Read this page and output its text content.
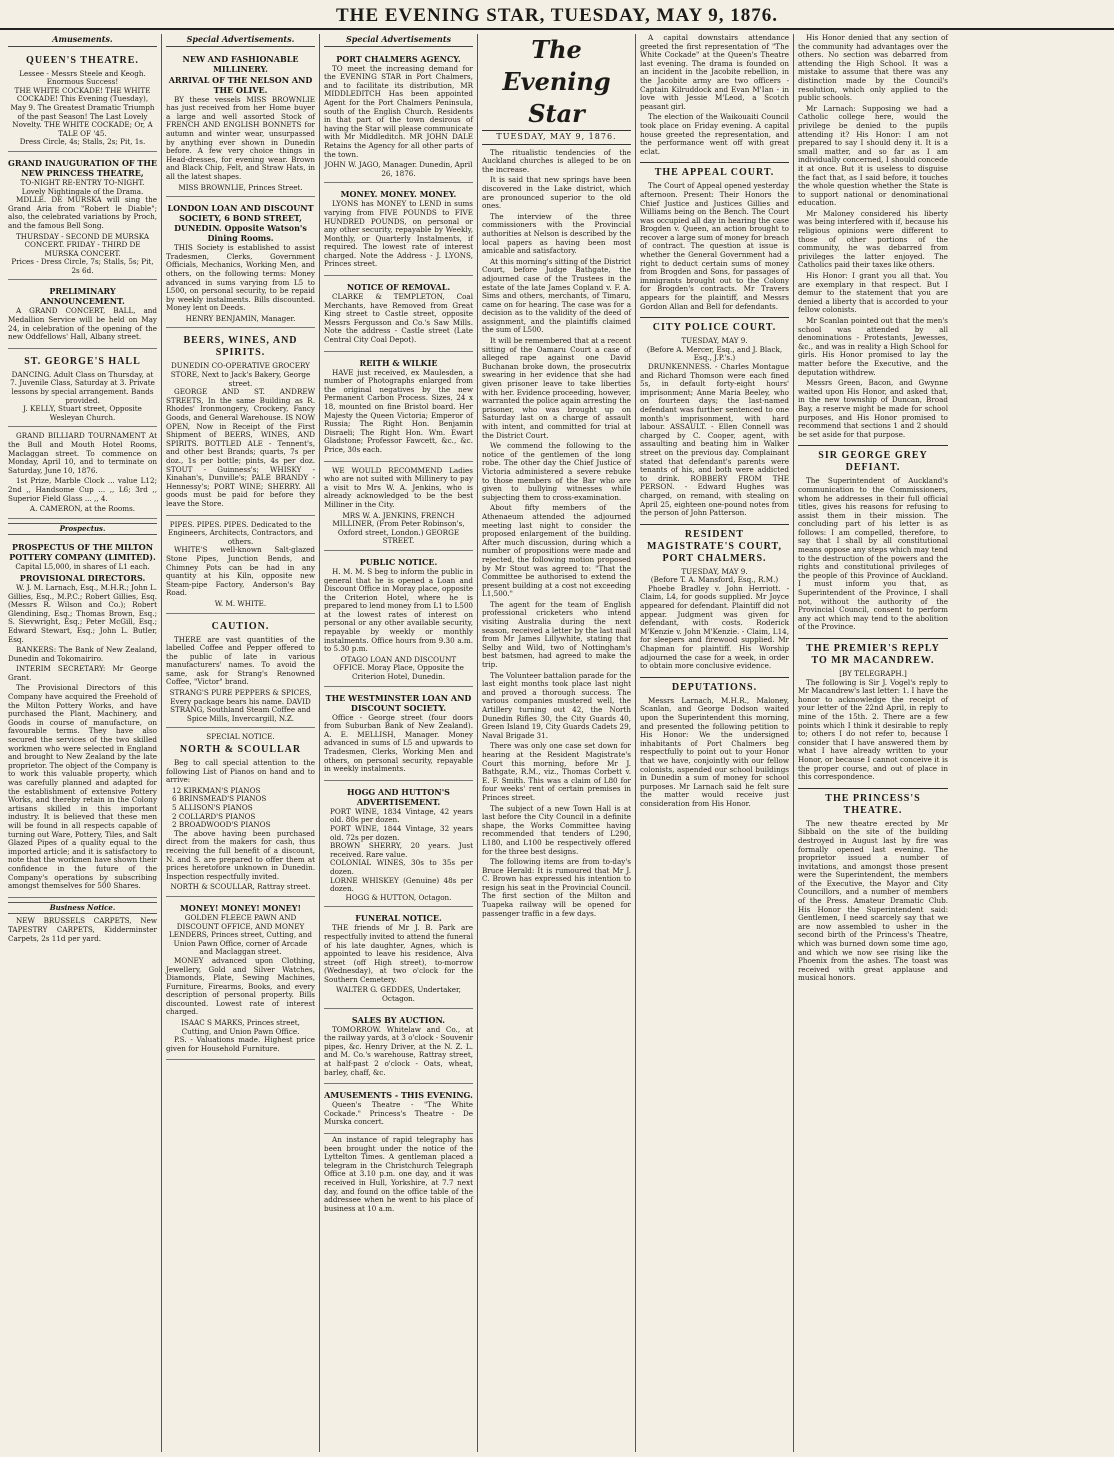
THE EVENING STAR, TUESDAY, MAY 9, 1876.
Amusements.
QUEEN'S THEATRE.
Lessee - Messrs Steele and Keogh. Enormous Success!
THE WHITE COCKADE! THE WHITE COCKADE! This Evening (Tuesday), May 9. The Greatest Dramatic Triumph of the past Season! The Last Lovely Novelty. THE WHITE COCKADE; Or, A TALE OF '45.
Dress Circle, 4s; Stalls, 2s; Pit, 1s.
GRAND INAUGURATION OF THE NEW PRINCESS THEATRE,
TO-NIGHT RE-ENTRY TO-NIGHT. Lovely Nightingale of the Drama.
MDLLE. DE MURSKA will sing the Grand Aria from "Robert le Diable"; also, the celebrated variations by Proch, and the famous Bell Song.
THURSDAY - SECOND DE MURSKA CONCERT. FRIDAY - THIRD DE MURSKA CONCERT.
Prices - Dress Circle, 7s; Stalls, 5s; Pit, 2s 6d.
PRELIMINARY ANNOUNCEMENT.
A GRAND CONCERT, BALL, and Medallion Service will be held on May 24, in celebration of the opening of the new Oddfellows' Hall, Albany street.
ST. GEORGE'S HALL
DANCING. Adult Class on Thursday, at 7. Juvenile Class, Saturday at 3. Private lessons by special arrangement. Bands provided.
J. KELLY, Stuart street, Opposite Wesleyan Church.
GRAND BILLIARD TOURNAMENT At the Bull and Mouth Hotel Rooms, Maclaggan street. To commence on Monday, April 10, and to terminate on Saturday, June 10, 1876.
1st Prize, Marble Clock ... value L12; 2nd ,, Handsome Cup ... ,, L6; 3rd ,, Superior Field Glass ... ,, 4.
A. CAMERON, at the Rooms.
Prospectus.
PROSPECTUS OF THE MILTON POTTERY COMPANY (LIMITED).
Capital L5,000, in shares of L1 each.
PROVISIONAL DIRECTORS.
W. J. M. Larnach, Esq., M.H.R.; John L. Gillies, Esq., M.P.C.; Robert Gillies, Esq. (Messrs R. Wilson and Co.); Robert Glendining, Esq.; Thomas Brown, Esq.; S. Sievwright, Esq.; Peter McGill, Esq.; Edward Stewart, Esq.; John L. Butler, Esq.
BANKERS: The Bank of New Zealand, Dunedin and Tokomairiro.
INTERIM SECRETARY: Mr George Grant.
The Provisional Directors of this Company have acquired the Freehold of the Milton Pottery Works, and have purchased the Plant, Machinery, and Goods in course of manufacture, on favourable terms. They have also secured the services of the two skilled workmen who were selected in England and brought to New Zealand by the late proprietor. The object of the Company is to work this valuable property, which was carefully planned and adapted for the establishment of extensive Pottery Works, and thereby retain in the Colony artisans skilled in this important industry. It is believed that these men will be found in all respects capable of turning out Ware, Pottery, Tiles, and Salt Glazed Pipes of a quality equal to the imported article; and it is satisfactory to note that the workmen have shown their confidence in the future of the Company's operations by subscribing amongst themselves for 500 Shares.
Business Notice.
NEW BRUSSELS CARPETS, New TAPESTRY CARPETS, Kidderminster Carpets, 2s 11d per yard.
Special Advertisements.
NEW AND FASHIONABLE MILLINERY.
ARRIVAL OF THE NELSON AND THE OLIVE.
BY these vessels MISS BROWNLIE has just received from her Home buyer a large and well assorted Stock of FRENCH AND ENGLISH BONNETS for autumn and winter wear, unsurpassed by anything ever shown in Dunedin before. A few very choice things in Head-dresses, for evening wear. Brown and Black Chip, Felt, and Straw Hats, in all the latest shapes.
MISS BROWNLIE, Princes Street.
LONDON LOAN AND DISCOUNT SOCIETY, 6 BOND STREET, DUNEDIN. Opposite Watson's Dining Rooms.
THIS Society is established to assist Tradesmen, Clerks, Government Officials, Mechanics, Working Men, and others, on the following terms: Money advanced in sums varying from L5 to L500, on personal security, to be repaid by weekly instalments. Bills discounted. Money lent on Deeds.
HENRY BENJAMIN, Manager.
BEERS, WINES, AND SPIRITS.
DUNEDIN CO-OPERATIVE GROCERY STORE, Next to Jack's Bakery, George street.
GEORGE AND ST. ANDREW STREETS, In the same Building as R. Rhodes' Ironmongery, Crockery, Fancy Goods, and General Warehouse. IS NOW OPEN, Now in Receipt of the First Shipment of BEERS, WINES, AND SPIRITS. BOTTLED ALE - Tennent's, and other best Brands; quarts, 7s per doz., 1s per bottle; pints, 4s per doz. STOUT - Guinness's; WHISKY - Kinahan's, Dunville's; PALE BRANDY - Hennessy's; PORT WINE; SHERRY. All goods must be paid for before they leave the Store.
PIPES. PIPES. PIPES. Dedicated to the Engineers, Architects, Contractors, and others.
WHITE'S well-known Salt-glazed Stone Pipes, Junction Bends, and Chimney Pots can be had in any quantity at his Kiln, opposite new Steam-pipe Factory, Anderson's Bay Road.
W. M. WHITE.
CAUTION.
THERE are vast quantities of the labelled Coffee and Pepper offered to the public of late in various manufacturers' names. To avoid the same, ask for Strang's Renowned Coffee, "Victor" brand.
STRANG'S PURE PEPPERS & SPICES, Every package bears his name. DAVID STRANG, Southland Steam Coffee and Spice Mills, Invercargill, N.Z.
SPECIAL NOTICE.
NORTH & SCOULLAR
Beg to call special attention to the following List of Pianos on hand and to arrive:
12 KIRKMAN'S PIANOS
6 BRINSMEAD'S PIANOS
5 ALLISON'S PIANOS
2 COLLARD'S PIANOS
2 BROADWOOD'S PIANOS
The above having been purchased direct from the makers for cash, thus receiving the full benefit of a discount, N. and S. are prepared to offer them at prices heretofore unknown in Dunedin. Inspection respectfully invited.
NORTH & SCOULLAR, Rattray street.
MONEY! MONEY! MONEY!
GOLDEN FLEECE PAWN AND DISCOUNT OFFICE, AND MONEY LENDERS, Princes street, Cutting, and Union Pawn Office, corner of Arcade and Maclaggan street.
MONEY advanced upon Clothing, Jewellery, Gold and Silver Watches, Diamonds, Plate, Sewing Machines, Furniture, Firearms, Books, and every description of personal property. Bills discounted. Lowest rate of interest charged.
ISAAC S MARKS, Princes street, Cutting, and Union Pawn Office.
P.S. - Valuations made. Highest price given for Household Furniture.
Special Advertisements
PORT CHALMERS AGENCY.
TO meet the increasing demand for the EVENING STAR in Port Chalmers, and to facilitate its distribution, MR MIDDLEDITCH Has been appointed Agent for the Port Chalmers Peninsula, south of the English Church. Residents in that part of the town desirous of having the Star will please communicate with Mr Middleditch. MR JOHN DALE Retains the Agency for all other parts of the town.
JOHN W. JAGO, Manager. Dunedin, April 26, 1876.
MONEY. MONEY. MONEY.
LYONS has MONEY to LEND in sums varying from FIVE POUNDS to FIVE HUNDRED POUNDS, on personal or any other security, repayable by Weekly, Monthly, or Quarterly Instalments, if required. The lowest rate of interest charged. Note the Address - J. LYONS, Princes street.
NOTICE OF REMOVAL.
CLARKE & TEMPLETON, Coal Merchants, have Removed from Great King street to Castle street, opposite Messrs Fergusson and Co.'s Saw Mills. Note the address - Castle street (Late Central City Coal Depot).
REITH & WILKIE
HAVE just received, ex Maulesden, a number of Photographs enlarged from the original negatives by the new Permanent Carbon Process. Sizes, 24 x 18, mounted on fine Bristol board. Her Majesty the Queen Victoria; Emperor of Russia; The Right Hon. Benjamin Disraeli; The Right Hon. Wm. Ewart Gladstone; Professor Fawcett, &c., &c. Price, 30s each.
WE WOULD RECOMMEND Ladies who are not suited with Millinery to pay a visit to Mrs W. A. Jenkins, who is already acknowledged to be the best Milliner in the City.
MRS W. A. JENKINS, FRENCH MILLINER, (From Peter Robinson's, Oxford street, London.) GEORGE STREET.
PUBLIC NOTICE.
H. M. M. S beg to inform the public in general that he is opened a Loan and Discount Office in Moray place, opposite the Criterion Hotel, where he is prepared to lend money from L1 to L500 at the lowest rates of interest on personal or any other available security, repayable by weekly or monthly instalments. Office hours from 9.30 a.m. to 5.30 p.m.
OTAGO LOAN AND DISCOUNT OFFICE. Moray Place, Opposite the Criterion Hotel, Dunedin.
THE WESTMINSTER LOAN AND DISCOUNT SOCIETY.
Office - George street (four doors from Suburban Bank of New Zealand). A. E. MELLISH, Manager. Money advanced in sums of L5 and upwards to Tradesmen, Clerks, Working Men and others, on personal security, repayable in weekly instalments.
HOGG AND HUTTON'S ADVERTISEMENT.
PORT WINE, 1834 Vintage, 42 years old. 80s per dozen.
PORT WINE, 1844 Vintage, 32 years old. 72s per dozen.
BROWN SHERRY, 20 years. Just received. Rare value.
COLONIAL WINES, 30s to 35s per dozen.
LORNE WHISKEY (Genuine) 48s per dozen.
HOGG & HUTTON, Octagon.
FUNERAL NOTICE.
THE friends of Mr J. B. Park are respectfully invited to attend the funeral of his late daughter, Agnes, which is appointed to leave his residence, Alva street (off High street), to-morrow (Wednesday), at two o'clock for the Southern Cemetery.
WALTER G. GEDDES, Undertaker, Octagon.
SALES BY AUCTION.
TOMORROW. Whitelaw and Co., at the railway yards, at 3 o'clock - Souvenir pipes, &c. Henry Driver, at the N. Z. L. and M. Co.'s warehouse, Rattray street, at half-past 2 o'clock - Oats, wheat, barley, chaff, &c.
AMUSEMENTS - THIS EVENING.
Queen's Theatre - "The White Cockade." Princess's Theatre - De Murska concert.
An instance of rapid telegraphy has been brought under the notice of the Lyttelton Times. A gentleman placed a telegram in the Christchurch Telegraph Office at 3.10 p.m. one day, and it was received in Hull, Yorkshire, at 7.7 next day, and found on the office table of the addressee when he went to his place of business at 10 a.m.
The Evening Star
TUESDAY, MAY 9, 1876.
The ritualistic tendencies of the Auckland churches is alleged to be on the increase.
It is said that new springs have been discovered in the Lake district, which are pronounced superior to the old ones.
The interview of the three commissioners with the Provincial authorities at Nelson is described by the local papers as having been most amicable and satisfactory.
At this morning's sitting of the District Court, before Judge Bathgate, the adjourned case of the Trustees in the estate of the late James Copland v. F. A. Sims and others, merchants, of Timaru, came on for hearing. The case was for a decision as to the validity of the deed of assignment, and the plaintiffs claimed the sum of L500.
It will be remembered that at a recent sitting of the Oamaru Court a case of alleged rape against one David Buchanan broke down, the prosecutrix swearing in her evidence that she had given prisoner leave to take liberties with her. Evidence proceeding, however, warranted the police again arresting the prisoner, who was brought up on Saturday last on a charge of assault with intent, and committed for trial at the District Court.
We commend the following to the notice of the gentlemen of the long robe. The other day the Chief Justice of Victoria administered a severe rebuke to those members of the Bar who are given to bullying witnesses while subjecting them to cross-examination.
About fifty members of the Athenaeum attended the adjourned meeting last night to consider the proposed enlargement of the building. After much discussion, during which a number of propositions were made and rejected, the following motion proposed by Mr Stout was agreed to: "That the Committee be authorised to extend the present building at a cost not exceeding L1,500."
The agent for the team of English professional cricketers who intend visiting Australia during the next season, received a letter by the last mail from Mr James Lillywhite, stating that Selby and Wild, two of Nottingham's best batsmen, had agreed to make the trip.
The Volunteer battalion parade for the last eight months took place last night and proved a thorough success. The various companies mustered well, the Artillery turning out 42, the North Dunedin Rifles 30, the City Guards 40, Green Island 19, City Guards Cadets 29, Naval Brigade 31.
There was only one case set down for hearing at the Resident Magistrate's Court this morning, before Mr J. Bathgate, R.M., viz., Thomas Corbett v. E. F. Smith. This was a claim of L80 for four weeks' rent of certain premises in Princes street.
The subject of a new Town Hall is at last before the City Council in a definite shape, the Works Committee having recommended that tenders of L290, L180, and L100 be respectively offered for the three best designs.
The following items are from to-day's Bruce Herald: It is rumoured that Mr J. C. Brown has expressed his intention to resign his seat in the Provincial Council. The first section of the Milton and Tuapeka railway will be opened for passenger traffic in a few days.
A capital downstairs attendance greeted the first representation of "The White Cockade" at the Queen's Theatre last evening. The drama is founded on an incident in the Jacobite rebellion, in the Jacobite army are two officers - Captain Kilruddock and Evan M'Ian - in love with Jessie M'Leod, a Scotch peasant girl.
The election of the Waikouaiti Council took place on Friday evening. A capital house greeted the representation, and the performance went off with great eclat.
THE APPEAL COURT.
The Court of Appeal opened yesterday afternoon. Present: Their Honors the Chief Justice and Justices Gillies and Williams being on the Bench. The Court was occupied all day in hearing the case Brogden v. Queen, an action brought to recover a large sum of money for breach of contract. The question at issue is whether the General Government had a right to deduct certain sums of money from Brogden and Sons, for passages of immigrants brought out to the Colony for Brogden's contracts. Mr Travers appears for the plaintiff, and Messrs Gordon Allan and Bell for defendants.
CITY POLICE COURT.
TUESDAY, MAY 9.
(Before A. Mercer, Esq., and J. Black, Esq., J.P.'s.)
DRUNKENNESS. - Charles Montague and Richard Thomson were each fined 5s, in default forty-eight hours' imprisonment; Anne Maria Beeley, who on fourteen days; the last-named defendant was further sentenced to one month's imprisonment, with hard labour. ASSAULT. - Ellen Connell was charged by C. Cooper, agent, with assaulting and beating him in Walker street on the previous day. Complainant stated that defendant's parents were tenants of his, and both were addicted to drink. ROBBERY FROM THE PERSON. - Edward Hughes was charged, on remand, with stealing on April 25, eighteen one-pound notes from the person of John Patterson.
RESIDENT MAGISTRATE'S COURT, PORT CHALMERS.
TUESDAY, MAY 9.
(Before T. A. Mansford, Esq., R.M.)
Phoebe Bradley v. John Herriott. - Claim, L4, for goods supplied. Mr Joyce appeared for defendant. Plaintiff did not appear. Judgment was given for defendant, with costs. Roderick M'Kenzie v. John M'Kenzie. - Claim, L14, for sleepers and firewood supplied. Mr Chapman for plaintiff. His Worship adjourned the case for a week, in order to obtain more conclusive evidence.
DEPUTATIONS.
Messrs Larnach, M.H.R., Maloney, Scanlan, and George Dodson waited upon the Superintendent this morning, and presented the following petition to His Honor: We the undersigned inhabitants of Port Chalmers beg respectfully to point out to your Honor that we have, conjointly with our fellow colonists, aspended our school buildings in Dunedin a sum of money for school purposes. Mr Larnach said he felt sure the matter would receive just consideration from His Honor.
His Honor denied that any section of the community had advantages over the others. No section was debarred from attending the High School. It was a mistake to assume that there was any distinction made by the Council's resolution, which only applied to the public schools.
Mr Larnach: Supposing we had a Catholic college here, would the privilege be denied to the pupils attending it? His Honor: I am not prepared to say I should deny it. It is a small matter, and so far as I am individually concerned, I should concede it at once. But it is useless to disguise the fact that, as I said before, it touches the whole question whether the State is to support national or denominational education.
Mr Maloney considered his liberty was being interfered with if, because his religious opinions were different to those of other portions of the community, he was debarred from privileges the latter enjoyed. The Catholics paid their taxes like others.
His Honor: I grant you all that. You are exemplary in that respect. But I demur to the statement that you are denied a liberty that is accorded to your fellow colonists.
Mr Scanlan pointed out that the men's school was attended by all denominations - Protestants, Jewesses, &c., and was in reality a High School for girls. His Honor promised to lay the matter before the Executive, and the deputation withdrew.
Messrs Green, Bacon, and Gwynne waited upon His Honor, and asked that, in the new township of Duncan, Broad Bay, a reserve might be made for school purposes, and His Honor promised to recommend that sections 1 and 2 should be set aside for that purpose.
SIR GEORGE GREY DEFIANT.
The Superintendent of Auckland's communication to the Commissioners, whom he addresses in their full official titles, gives his reasons for refusing to assist them in their mission. The concluding part of his letter is as follows: I am compelled, therefore, to say that I shall by all constitutional means oppose any steps which may tend to the destruction of the powers and the rights and constitutional privileges of the people of this Province of Auckland. I must inform you that, as Superintendent of the Province, I shall not, without the authority of the Provincial Council, consent to perform any act which may tend to the abolition of the Province.
THE PREMIER'S REPLY TO MR MACANDREW.
[BY TELEGRAPH.]
The following is Sir J. Vogel's reply to Mr Macandrew's last letter: 1. I have the honor to acknowledge the receipt of your letter of the 22nd April, in reply to mine of the 15th. 2. There are a few points which I think it desirable to reply to; others I do not refer to, because I consider that I have answered them by what I have already written to your Honor, or because I cannot conceive it is the proper course, and out of place in this correspondence.
THE PRINCESS'S THEATRE.
The new theatre erected by Mr Sibbald on the site of the building destroyed in August last by fire was formally opened last evening. The proprietor issued a number of invitations, and amongst those present were the Superintendent, the members of the Executive, the Mayor and City Councillors, and a number of members of the Press. Amateur Dramatic Club. His Honor the Superintendent said: Gentlemen, I need scarcely say that we are now assembled to usher in the second birth of the Princess's Theatre, which was burned down some time ago, and which we now see rising like the Phoenix from the ashes. The toast was received with great applause and musical honors.
